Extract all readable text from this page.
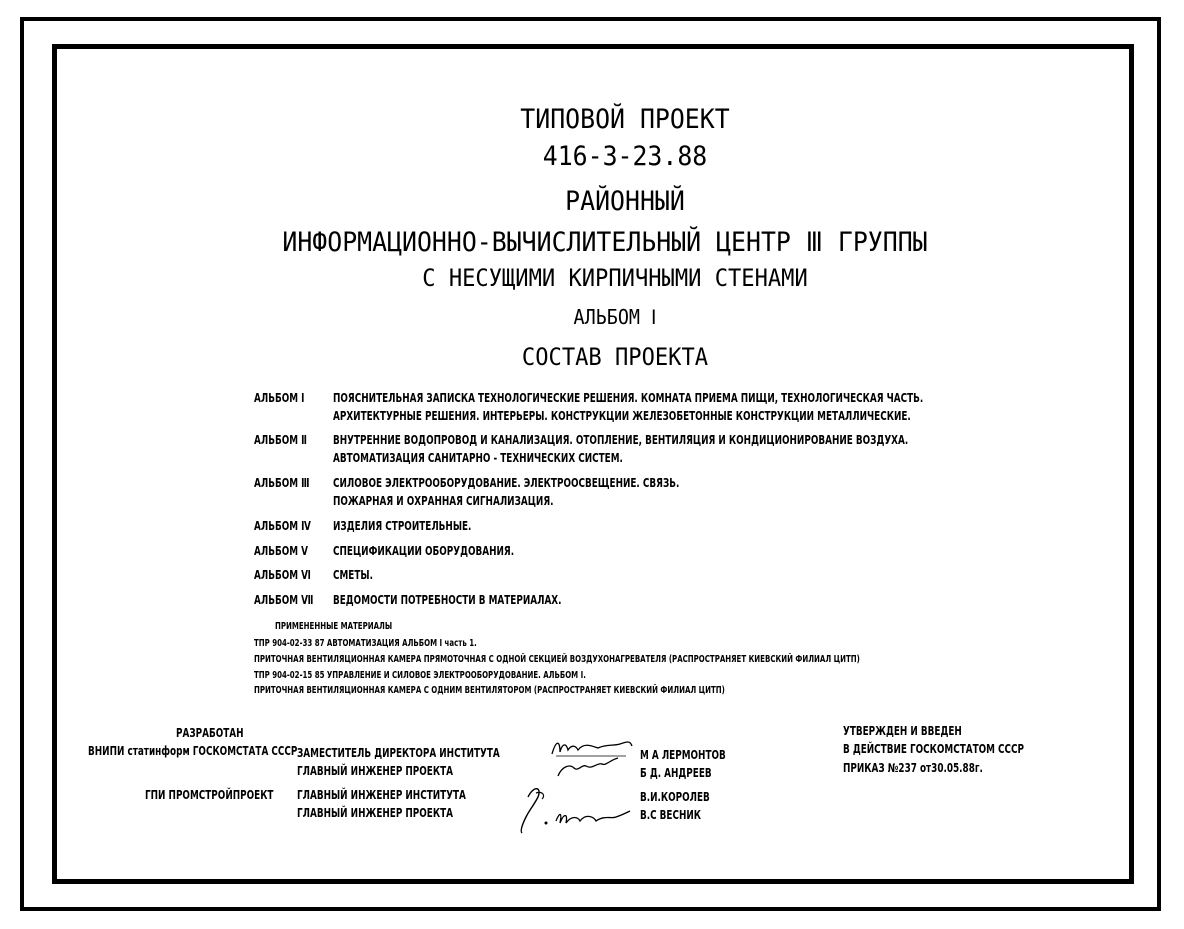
ТИПОВОЙ ПРОЕКТ
416-3-23.88
РАЙОННЫЙ
ИНФОРМАЦИОННО-ВЫЧИСЛИТЕЛЬНЫЙ ЦЕНТР Ⅲ ГРУППЫ
С НЕСУЩИМИ КИРПИЧНЫМИ СТЕНАМИ
АЛЬБОМ Ⅰ
СОСТАВ ПРОЕКТА
АЛЬБОМ Ⅰ ПОЯСНИТЕЛЬНАЯ ЗАПИСКА ТЕХНОЛОГИЧЕСКИЕ РЕШЕНИЯ. КОМНАТА ПРИЕМА ПИЩИ, ТЕХНОЛОГИЧЕСКАЯ ЧАСТЬ.
АРХИТЕКТУРНЫЕ РЕШЕНИЯ. ИНТЕРЬЕРЫ. КОНСТРУКЦИИ ЖЕЛЕЗОБЕТОННЫЕ КОНСТРУКЦИИ МЕТАЛЛИЧЕСКИЕ.
АЛЬБОМ Ⅱ ВНУТРЕННИЕ ВОДОПРОВОД И КАНАЛИЗАЦИЯ. ОТОПЛЕНИЕ, ВЕНТИЛЯЦИЯ И КОНДИЦИОНИРОВАНИЕ ВОЗДУХА.
АВТОМАТИЗАЦИЯ САНИТАРНО - ТЕХНИЧЕСКИХ СИСТЕМ.
АЛЬБОМ Ⅲ СИЛОВОЕ ЭЛЕКТРООБОРУДОВАНИЕ. ЭЛЕКТРООСВЕЩЕНИЕ. СВЯЗЬ.
ПОЖАРНАЯ И ОХРАННАЯ СИГНАЛИЗАЦИЯ.
АЛЬБОМ Ⅳ ИЗДЕЛИЯ СТРОИТЕЛЬНЫЕ.
АЛЬБОМ Ⅴ СПЕЦИФИКАЦИИ ОБОРУДОВАНИЯ.
АЛЬБОМ Ⅵ СМЕТЫ.
АЛЬБОМ Ⅶ ВЕДОМОСТИ ПОТРЕБНОСТИ В МАТЕРИАЛАХ.
ПРИМЕНЕННЫЕ МАТЕРИАЛЫ
ТПР 904-02-33 87 АВТОМАТИЗАЦИЯ АЛЬБОМ Ⅰ часть 1.
ПРИТОЧНАЯ ВЕНТИЛЯЦИОННАЯ КАМЕРА ПРЯМОТОЧНАЯ С ОДНОЙ СЕКЦИЕЙ ВОЗДУХОНАГРЕВАТЕЛЯ (РАСПРОСТРАНЯЕТ КИЕВСКИЙ ФИЛИАЛ ЦИТП)
ТПР 904-02-15 85 УПРАВЛЕНИЕ И СИЛОВОЕ ЭЛЕКТРООБОРУДОВАНИЕ. АЛЬБОМ Ⅰ.
ПРИТОЧНАЯ ВЕНТИЛЯЦИОННАЯ КАМЕРА С ОДНИМ ВЕНТИЛЯТОРОМ (РАСПРОСТРАНЯЕТ КИЕВСКИЙ ФИЛИАЛ ЦИТП)
РАЗРАБОТАН
ВНИПИ статинформ ГОСКОМСТАТА СССР ЗАМЕСТИТЕЛЬ ДИРЕКТОРА ИНСТИТУТА
ГЛАВНЫЙ ИНЖЕНЕР ПРОЕКТА
М А ЛЕРМОНТОВ
Б Д. АНДРЕЕВ
ГПИ ПРОМСТРОЙПРОЕКТ ГЛАВНЫЙ ИНЖЕНЕР ИНСТИТУТА
ГЛАВНЫЙ ИНЖЕНЕР ПРОЕКТА
В.И.КОРОЛЕВ
В.С ВЕСНИК
УТВЕРЖДЕН И ВВЕДЕН
В ДЕЙСТВИЕ ГОСКОМСТАТОМ СССР
ПРИКАЗ №237 от30.05.88г.
